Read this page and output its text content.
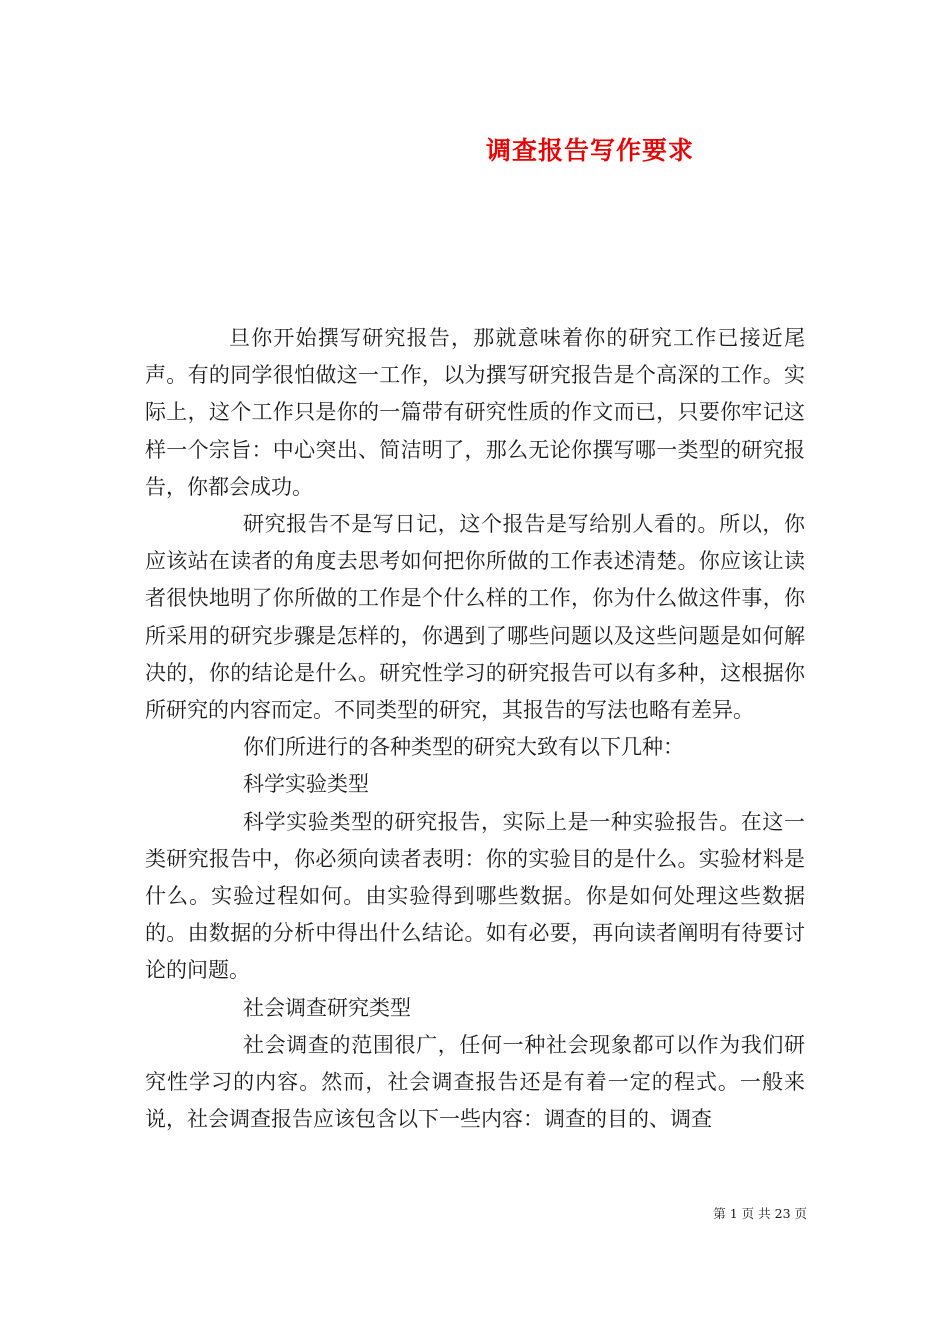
调查报告写作要求

旦你开始撰写研究报告，那就意味着你的研究工作已接近尾声。有的同学很怕做这一工作，以为撰写研究报告是个高深的工作。实际上，这个工作只是你的一篇带有研究性质的作文而已，只要你牢记这样一个宗旨：中心突出、简洁明了，那么无论你撰写哪一类型的研究报告，你都会成功。

研究报告不是写日记，这个报告是写给别人看的。所以，你应该站在读者的角度去思考如何把你所做的工作表述清楚。你应该让读者很快地明了你所做的工作是个什么样的工作，你为什么做这件事，你所采用的研究步骤是怎样的，你遇到了哪些问题以及这些问题是如何解决的，你的结论是什么。研究性学习的研究报告可以有多种，这根据你所研究的内容而定。不同类型的研究，其报告的写法也略有差异。

你们所进行的各种类型的研究大致有以下几种：

科学实验类型

科学实验类型的研究报告，实际上是一种实验报告。在这一类研究报告中，你必须向读者表明：你的实验目的是什么。实验材料是什么。实验过程如何。由实验得到哪些数据。你是如何处理这些数据的。由数据的分析中得出什么结论。如有必要，再向读者阐明有待要讨论的问题。

社会调查研究类型

社会调查的范围很广，任何一种社会现象都可以作为我们研究性学习的内容。然而，社会调查报告还是有着一定的程式。一般来说，社会调查报告应该包含以下一些内容：调查的目的、调查

第 1 页 共 23 页
